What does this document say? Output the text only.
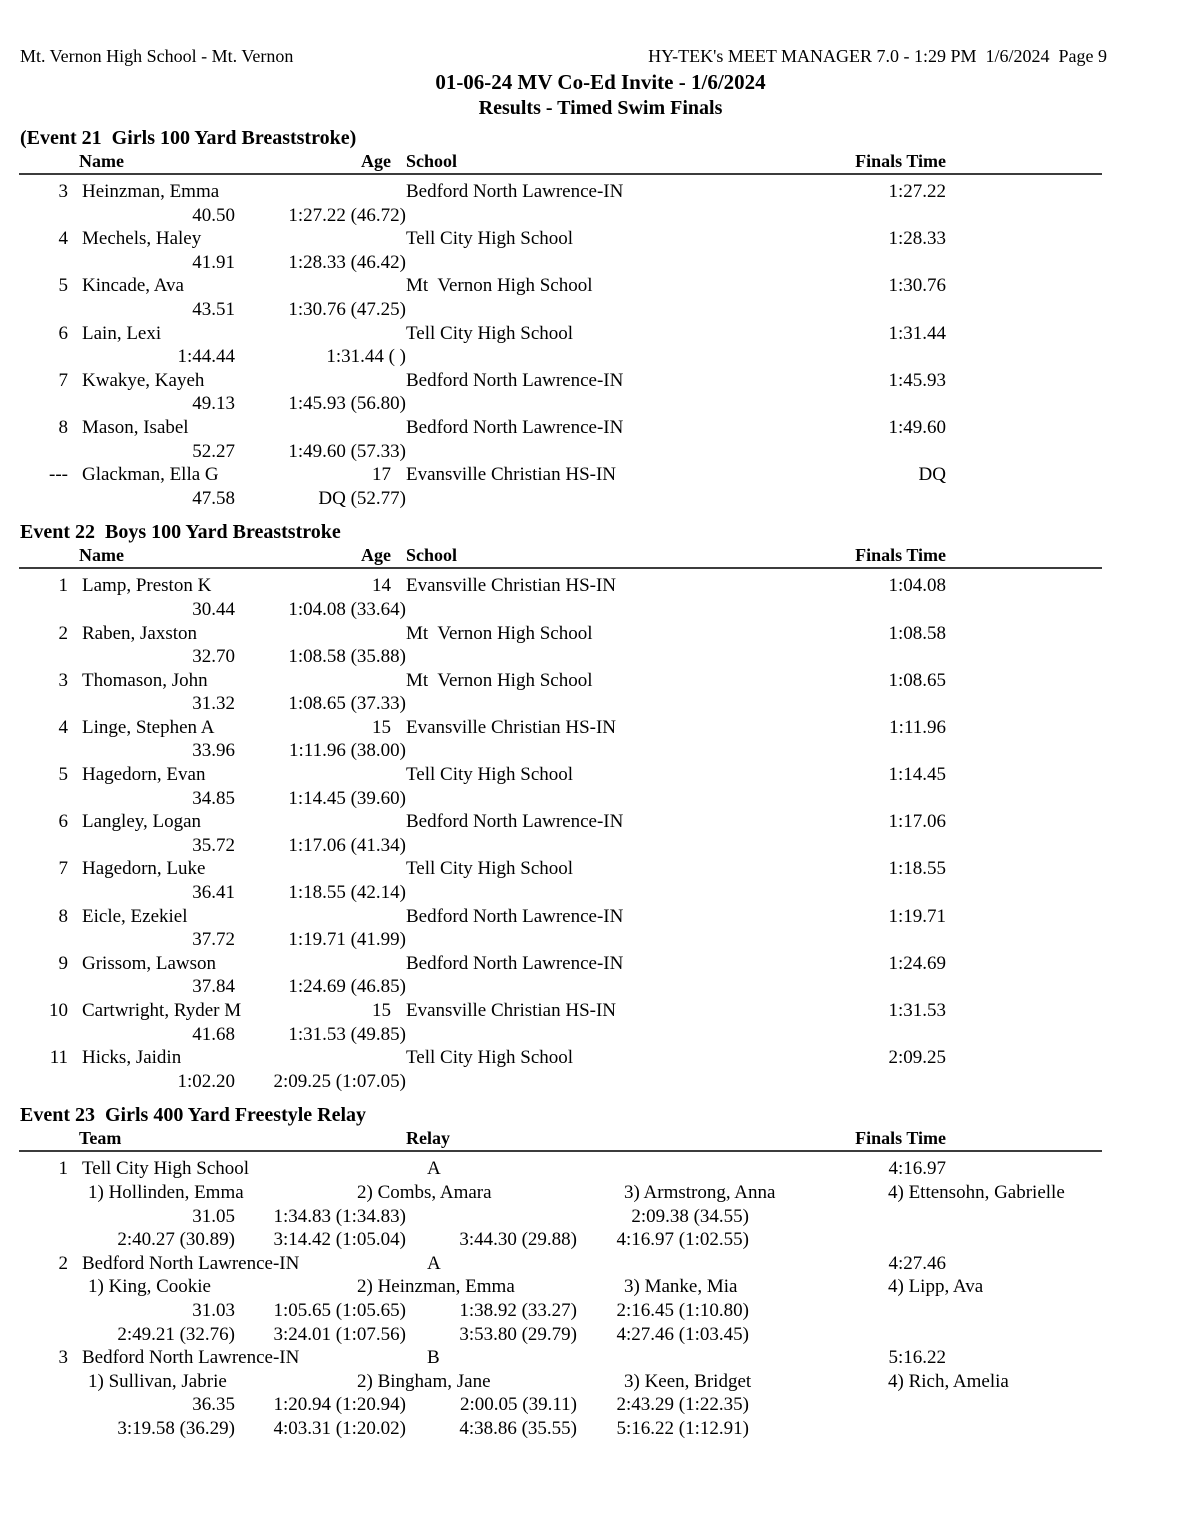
Mt. Vernon High School - Mt. Vernon	HY-TEK's MEET MANAGER 7.0 - 1:29 PM  1/6/2024  Page 9
01-06-24 MV Co-Ed Invite - 1/6/2024
Results - Timed Swim Finals
(Event 21  Girls 100 Yard Breaststroke)
Name	Age School	Finals Time
3 Heinzman, Emma	Bedford North Lawrence-IN	1:27.22
40.50	1:27.22 (46.72)
4 Mechels, Haley	Tell City High School	1:28.33
41.91	1:28.33 (46.42)
5 Kincade, Ava	Mt  Vernon High School	1:30.76
43.51	1:30.76 (47.25)
6 Lain, Lexi	Tell City High School	1:31.44
1:44.44	1:31.44 ( )
7 Kwakye, Kayeh	Bedford North Lawrence-IN	1:45.93
49.13	1:45.93 (56.80)
8 Mason, Isabel	Bedford North Lawrence-IN	1:49.60
52.27	1:49.60 (57.33)
--- Glackman, Ella G	17 Evansville Christian HS-IN	DQ
47.58	DQ (52.77)
Event 22  Boys 100 Yard Breaststroke
Name	Age School	Finals Time
1 Lamp, Preston K	14 Evansville Christian HS-IN	1:04.08
30.44	1:04.08 (33.64)
2 Raben, Jaxston	Mt  Vernon High School	1:08.58
32.70	1:08.58 (35.88)
3 Thomason, John	Mt  Vernon High School	1:08.65
31.32	1:08.65 (37.33)
4 Linge, Stephen A	15 Evansville Christian HS-IN	1:11.96
33.96	1:11.96 (38.00)
5 Hagedorn, Evan	Tell City High School	1:14.45
34.85	1:14.45 (39.60)
6 Langley, Logan	Bedford North Lawrence-IN	1:17.06
35.72	1:17.06 (41.34)
7 Hagedorn, Luke	Tell City High School	1:18.55
36.41	1:18.55 (42.14)
8 Eicle, Ezekiel	Bedford North Lawrence-IN	1:19.71
37.72	1:19.71 (41.99)
9 Grissom, Lawson	Bedford North Lawrence-IN	1:24.69
37.84	1:24.69 (46.85)
10 Cartwright, Ryder M	15 Evansville Christian HS-IN	1:31.53
41.68	1:31.53 (49.85)
11 Hicks, Jaidin	Tell City High School	2:09.25
1:02.20	2:09.25 (1:07.05)
Event 23  Girls 400 Yard Freestyle Relay
Team	Relay	Finals Time
1 Tell City High School	A	4:16.97
1) Hollinden, Emma	2) Combs, Amara	3) Armstrong, Anna	4) Ettensohn, Gabrielle
31.05	1:34.83 (1:34.83)	2:09.38 (34.55)
2:40.27 (30.89)	3:14.42 (1:05.04)	3:44.30 (29.88)	4:16.97 (1:02.55)
2 Bedford North Lawrence-IN	A	4:27.46
1) King, Cookie	2) Heinzman, Emma	3) Manke, Mia	4) Lipp, Ava
31.03	1:05.65 (1:05.65)	1:38.92 (33.27)	2:16.45 (1:10.80)
2:49.21 (32.76)	3:24.01 (1:07.56)	3:53.80 (29.79)	4:27.46 (1:03.45)
3 Bedford North Lawrence-IN	B	5:16.22
1) Sullivan, Jabrie	2) Bingham, Jane	3) Keen, Bridget	4) Rich, Amelia
36.35	1:20.94 (1:20.94)	2:00.05 (39.11)	2:43.29 (1:22.35)
3:19.58 (36.29)	4:03.31 (1:20.02)	4:38.86 (35.55)	5:16.22 (1:12.91)
